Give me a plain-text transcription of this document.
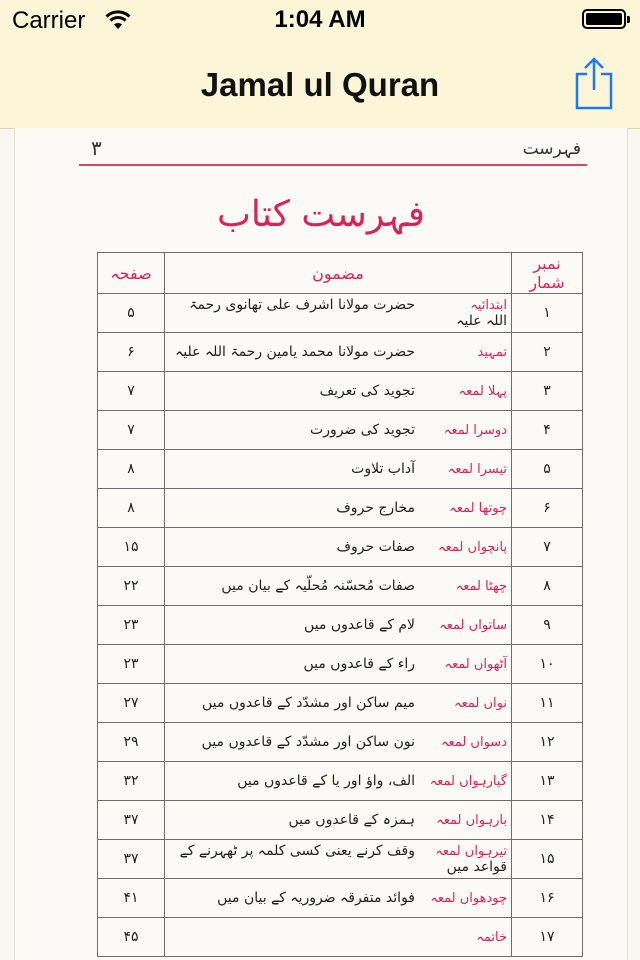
Carrier	1:04 AM
Jamal ul Quran
۳	فہرست
فہرست کتاب
نمبر شمار	مضمون	صفحہ
۱	ابتدائیہحضرت مولانا اشرف علی تھانوی رحمۃ اللہ علیہ	۵
۲	تمہیدحضرت مولانا محمد یامین رحمۃ اللہ علیہ	۶
۳	پہلا لمعہتجوید کی تعریف	۷
۴	دوسرا لمعہتجوید کی ضرورت	۷
۵	تیسرا لمعہآداب تلاوت	۸
۶	چوتھا لمعہمخارج حروف	۸
۷	پانچواں لمعہصفات حروف	۱۵
۸	چھٹا لمعہصفات مُحسّنہ مُحلّیہ کے بیان میں	۲۲
۹	ساتواں لمعہلام کے قاعدوں میں	۲۳
۱۰	آٹھواں لمعہراء کے قاعدوں میں	۲۳
۱۱	نواں لمعہمیم ساکن اور مشدّد کے قاعدوں میں	۲۷
۱۲	دسواں لمعہنون ساکن اور مشدّد کے قاعدوں میں	۲۹
۱۳	گیارہواں لمعہالف، واؤ اور یا کے قاعدوں میں	۳۲
۱۴	بارہواں لمعہہمزہ کے قاعدوں میں	۳۷
۱۵	تیرہواں لمعہوقف کرنے یعنی کسی کلمہ پر ٹھہرنے کے قواعد میں	۳۷
۱۶	چودھواں لمعہفوائد متفرقہ ضروریہ کے بیان میں	۴۱
۱۷	خاتمہ	۴۵
